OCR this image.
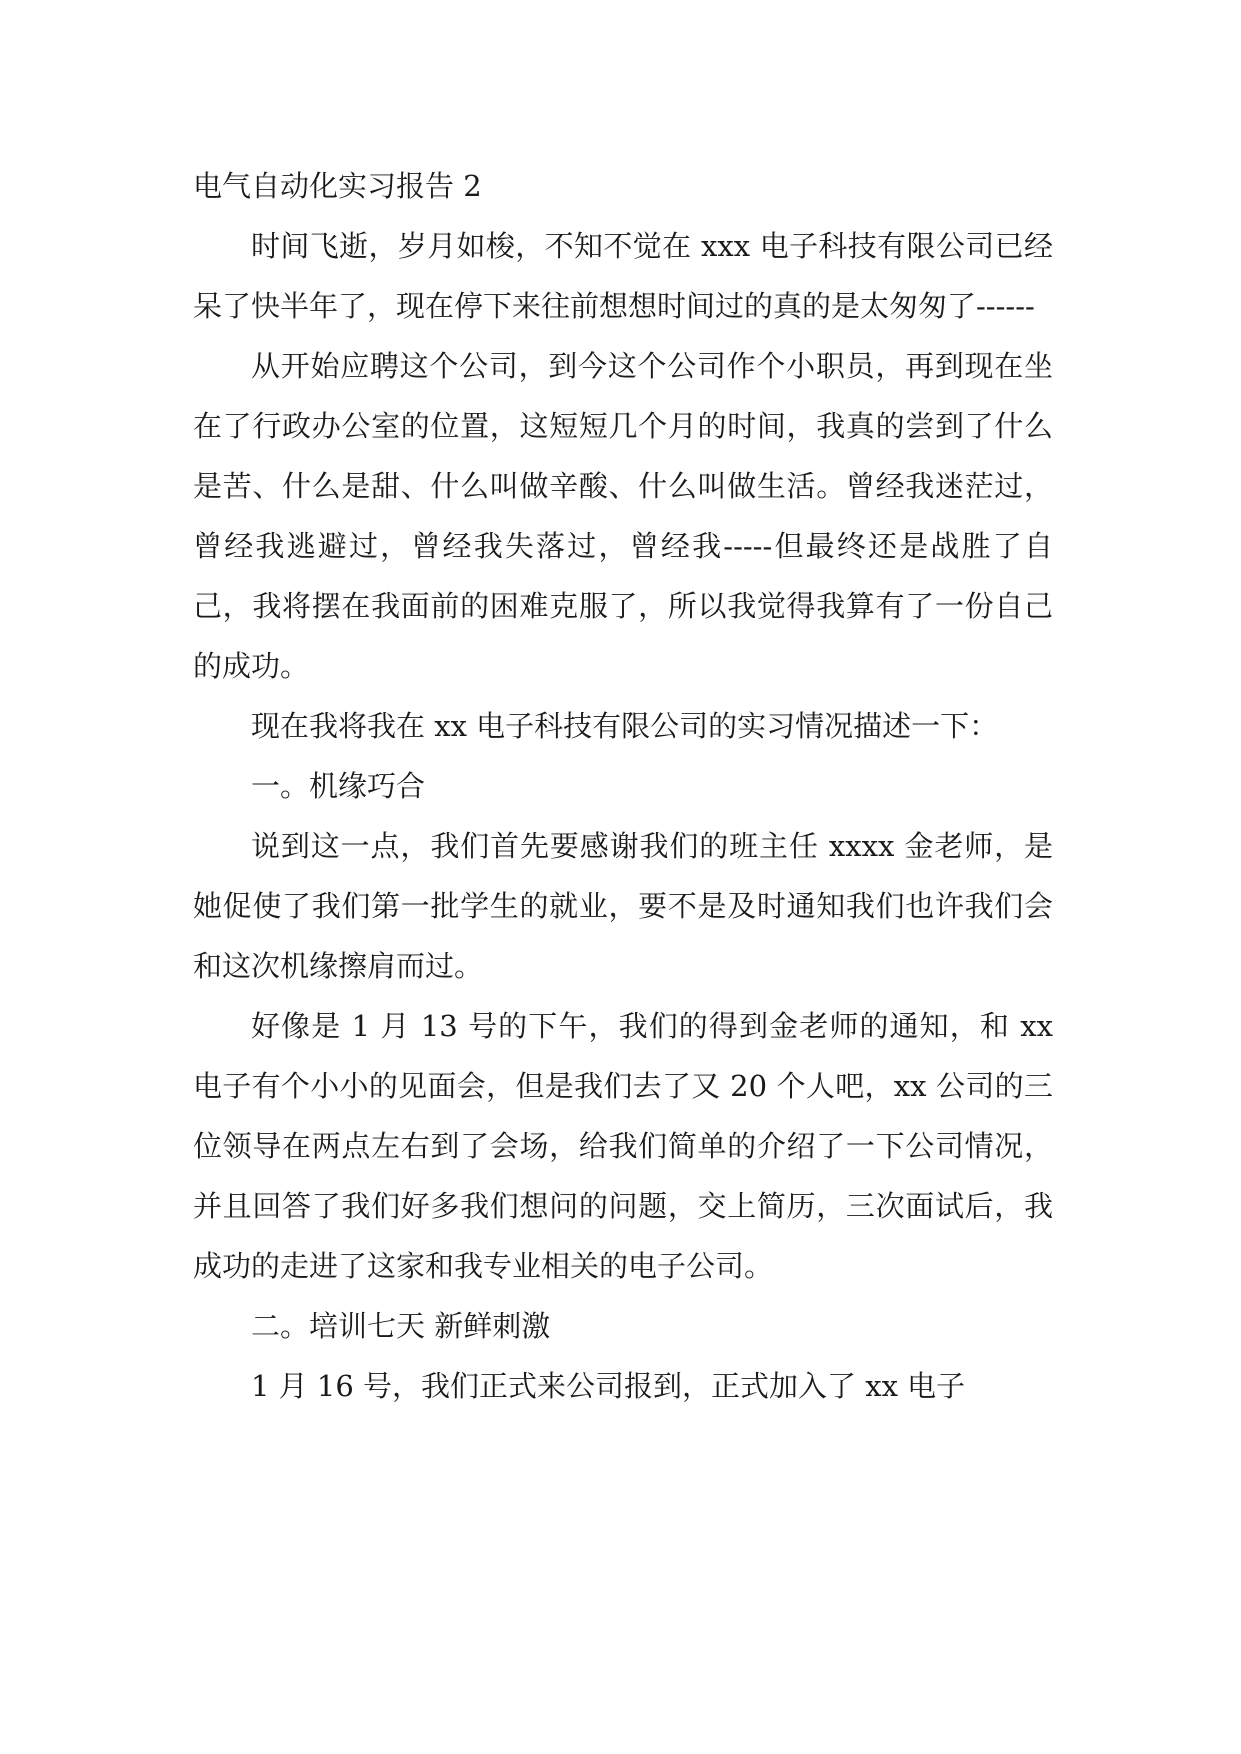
电气自动化实习报告 2

时间飞逝，岁月如梭，不知不觉在 xxx 电子科技有限公司已经呆了快半年了，现在停下来往前想想时间过的真的是太匆匆了------

从开始应聘这个公司，到今这个公司作个小职员，再到现在坐在了行政办公室的位置，这短短几个月的时间，我真的尝到了什么是苦、什么是甜、什么叫做辛酸、什么叫做生活。曾经我迷茫过，曾经我逃避过，曾经我失落过，曾经我-----但最终还是战胜了自己，我将摆在我面前的困难克服了，所以我觉得我算有了一份自己的成功。

现在我将我在 xx 电子科技有限公司的实习情况描述一下：

一。机缘巧合

说到这一点，我们首先要感谢我们的班主任 xxxx 金老师，是她促使了我们第一批学生的就业，要不是及时通知我们也许我们会和这次机缘擦肩而过。

好像是 1 月 13 号的下午，我们的得到金老师的通知，和 xx 电子有个小小的见面会，但是我们去了又 20 个人吧，xx 公司的三位领导在两点左右到了会场，给我们简单的介绍了一下公司情况，并且回答了我们好多我们想问的问题，交上简历，三次面试后，我成功的走进了这家和我专业相关的电子公司。

二。培训七天 新鲜刺激

1 月 16 号，我们正式来公司报到，正式加入了 xx 电子
